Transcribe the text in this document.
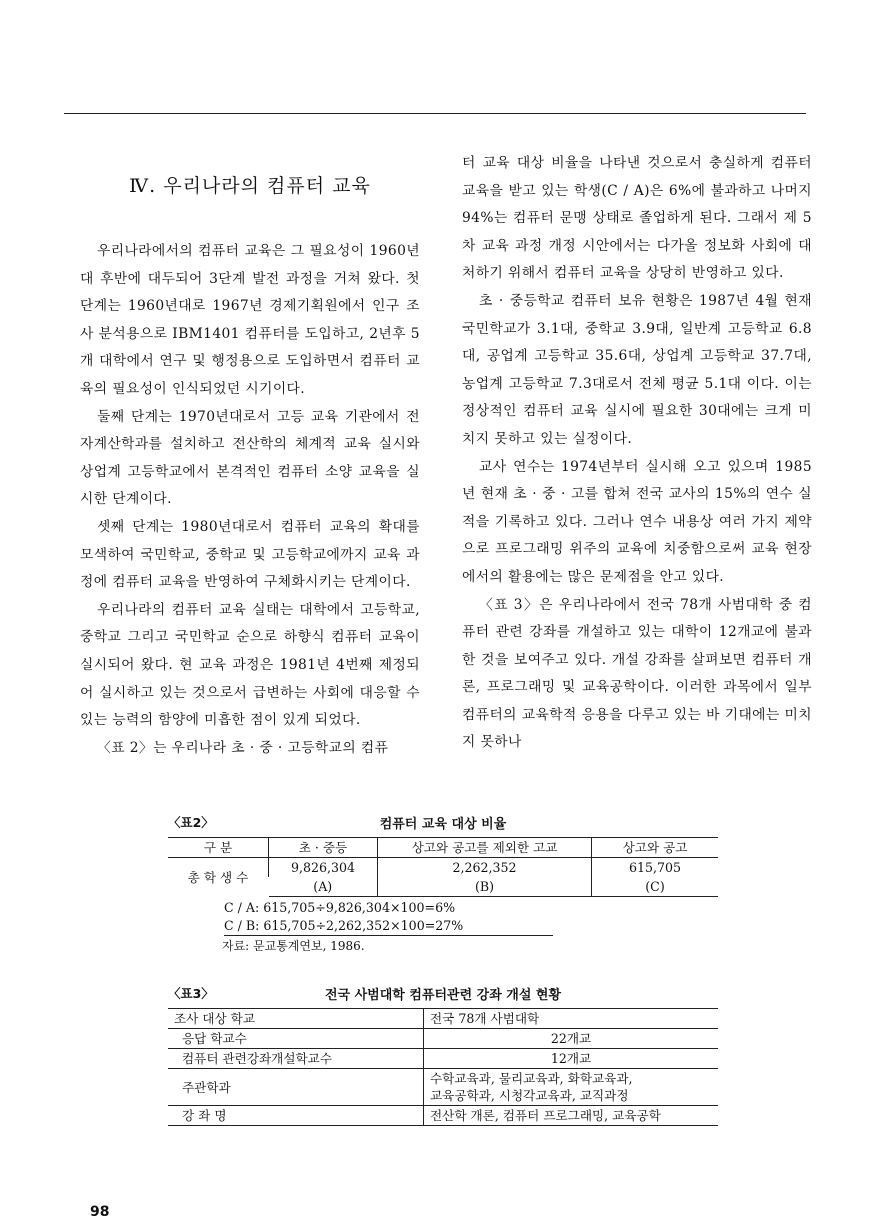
Ⅳ. 우리나라의 컴퓨터 교육

우리나라에서의 컴퓨터 교육은 그 필요성이 1960년대 후반에 대두되어 3단계 발전 과정을 거쳐 왔다. 첫 단계는 1960년대로 1967년 경제기획원에서 인구 조사 분석용으로 IBM1401 컴퓨터를 도입하고, 2년후 5개 대학에서 연구 및 행정용으로 도입하면서 컴퓨터 교육의 필요성이 인식되었던 시기이다.

둘째 단계는 1970년대로서 고등 교육 기관에서 전자계산학과를 설치하고 전산학의 체계적 교육 실시와 상업계 고등학교에서 본격적인 컴퓨터 소양 교육을 실시한 단계이다.

셋째 단계는 1980년대로서 컴퓨터 교육의 확대를 모색하여 국민학교, 중학교 및 고등학교에까지 교육 과정에 컴퓨터 교육을 반영하여 구체화시키는 단계이다.

우리나라의 컴퓨터 교육 실태는 대학에서 고등학교, 중학교 그리고 국민학교 순으로 하향식 컴퓨터 교육이 실시되어 왔다. 현 교육 과정은 1981년 4번째 제정되어 실시하고 있는 것으로서 급변하는 사회에 대응할 수 있는 능력의 함양에 미흡한 점이 있게 되었다.

〈표 2〉는 우리나라 초 · 중 · 고등학교의 컴퓨

터 교육 대상 비율을 나타낸 것으로서 충실하게 컴퓨터 교육을 받고 있는 학생(C / A)은 6%에 불과하고 나머지 94%는 컴퓨터 문맹 상태로 졸업하게 된다. 그래서 제 5차 교육 과정 개정 시안에서는 다가올 정보화 사회에 대처하기 위해서 컴퓨터 교육을 상당히 반영하고 있다.

초 · 중등학교 컴퓨터 보유 현황은 1987년 4월 현재 국민학교가 3.1대, 중학교 3.9대, 일반계 고등학교 6.8대, 공업계 고등학교 35.6대, 상업계 고등학교 37.7대, 농업계 고등학교 7.3대로서 전체 평균 5.1대 이다. 이는 정상적인 컴퓨터 교육 실시에 필요한 30대에는 크게 미치지 못하고 있는 실정이다.

교사 연수는 1974년부터 실시해 오고 있으며 1985년 현재 초 · 중 · 고를 합쳐 전국 교사의 15%의 연수 실적을 기록하고 있다. 그러나 연수 내용상 여러 가지 제약으로 프로그래밍 위주의 교육에 치중함으로써 교육 현장에서의 활용에는 많은 문제점을 안고 있다.

〈표 3〉은 우리나라에서 전국 78개 사범대학 중 컴퓨터 관련 강좌를 개설하고 있는 대학이 12개교에 불과한 것을 보여주고 있다. 개설 강좌를 살펴보면 컴퓨터 개론, 프로그래밍 및 교육공학이다. 이러한 과목에서 일부 컴퓨터의 교육학적 응용을 다루고 있는 바 기대에는 미치지 못하나

〈표2〉	컴퓨터 교육 대상 비율
구 분	초 · 중등	상고와 공고를 제외한 고교	상고와 공고
총 학 생 수	9,826,304	2,262,352	615,705
	(A)	(B)	(C)
C / A: 615,705÷9,826,304×100=6%
C / B: 615,705÷2,262,352×100=27%
자료: 문교통계연보, 1986.
〈표3〉	전국 사범대학 컴퓨터관련 강좌 개설 현황
조사 대상 학교	전국 78개 사범대학
응답 학교수	22개교
컴퓨터 관련강좌개설학교수	12개교
주관학과	수학교육과, 물리교육과, 화학교육과,
교육공학과, 시청각교육과, 교직과정

강 좌 명	전산학 개론, 컴퓨터 프로그래밍, 교육공학
98
